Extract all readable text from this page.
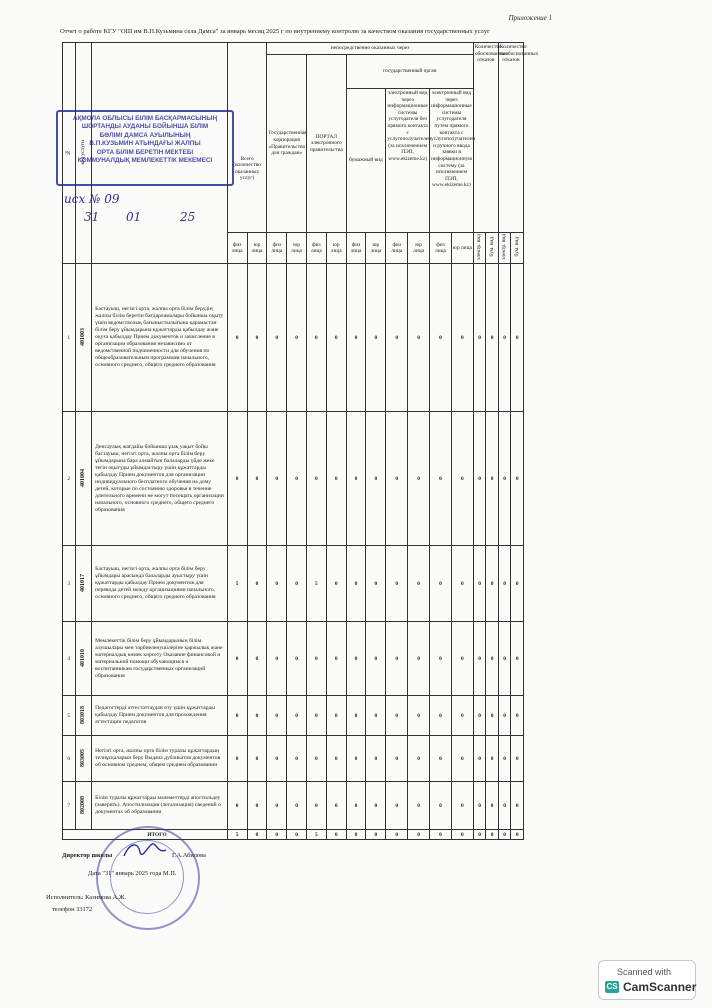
Приложение 1
Отчет о работе КГУ "ОШ им В.П.Кузьмина села Дамса" за январь месяц 2025 г по внутреннему контролю за качеством оказания государственных услуг
№	код услуги		Всего (количество оказанных услуг)		непосредственно оказанных через										Количество обоснованных отказов		Количество необоснованных отказов	
					Государственная корпорация «Правительство для граждан»		ПОРТАЛ электронного правительства		государственный орган									
									бумажный вид		электронный вид через информационные системы услугодателя без прямого контакта с услугополучателем (за исключением ПЭП, www.ekizeme.kz)		электронный вид через информационные системы услугодателя путем прямого контакта с услугополучателем и ручного ввода заявки в информационную систему (за исключением ПЭП, www.ekizeme.kz)					

			физ лица	юр лица	физ лица	юр лица	физ лица	юр лица	физ лица	юр лица	физ лица	юр лица	физ лица	юр лица	электр. вид	бум. вид	электр. вид	бум. вид
1	401003	Бастауыш, негізгі орта, жалпы орта білім берудің жалпы білім беретін бағдарламалары бойынша оқыту үшін ведомстволық бағыныстылығына қарамастан білім беру ұйымдарына құжаттарды қабылдау және оқуға қабылдау Прием документов и зачисление в организации образования независимо от ведомственной подчиненности для обучения по общеобразовательным программам начального, основного среднего, общего среднего образования	0	0	0	0	0	0	0	0	0	0	0	0	0	0	0	0
2	401004	Денсаулық жағдайы бойынша ұзақ уақыт бойы бастауыш, негізгі орта, жалпы орта білім беру ұйымдарына бара алмайтын балаларды үйде жеке тегін оқытуды ұйымдастыру үшін құжаттарды қабылдау Прием документов для организации индивидуального бесплатного обучения на дому детей, которые по состоянию здоровья в течение длительного времени не могут посещать организации начального, основного среднего, общего среднего образования	0	0	0	0	0	0	0	0	0	0	0	0	0	0	0	0
3	401017	Бастауыш, негізгі орта, жалпы орта білім беру ұйымдары арасында балаларды ауыстыру үшін құжаттарды қабылдау Прием документов для перевода детей между организациями начального, основного среднего, общего среднего образования	5	0	0	0	5	0	0	0	0	0	0	0	0	0	0	0
4	401010	Мемлекеттік білім беру ұйымдарының білім алушылары мен тәрбиеленушілеріне қаржылық және материалдық көмек көрсету Оказание финансовой и материальной помощи обучающимся и воспитанникам государственных организаций образования	0	0	0	0	0	0	0	0	0	0	0	0	0	0	0	0
5	803018	Педагогтерді аттестаттаудан өту үшін құжаттарды қабылдау Прием документов для прохождения аттестации педагогов	0	0	0	0	0	0	0	0	0	0	0	0	0	0	0	0
6	803005	Негізгі орта, жалпы орта білім туралы құжаттардың телнұсқаларын беру Выдача дубликатов документов об основном среднем, общем среднем образовании	0	0	0	0	0	0	0	0	0	0	0	0	0	0	0	0
7	802008	Білім туралы құжаттарды мәлеметтерді апостильдеу (заверить). Апостилизация (легализация) сведений о документах об образовании	0	0	0	0	0	0	0	0	0	0	0	0	0	0	0	0
ИТОГО			5	0	0	0	5	0	0	0	0	0	0	0	0	0	0	0
АҚМОЛА ОБЛЫСЫ БІЛІМ БАСҚАРМАСЫНЫҢ
ШОРТАНДЫ АУДАНЫ БОЙЫНША БІЛІМ
БӨЛІМІ ДАМСА АУЫЛЫНЫҢ
В.П.КУЗЬМИН АТЫНДАҒЫ ЖАЛПЫ
ОРТА БІЛІМ БЕРЕТІН МЕКТЕБІ
КОММУНАЛДЫҚ МЕМЛЕКЕТТІК МЕКЕМЕСІ
исх № 09
31 01	25
Директор школы	Г.А.Абилова
Дата "31" январь 2025 года М.П.
Исполнитель: Казимова А.Ж.
телефон 33172
Scanned with
CS CamScanner
